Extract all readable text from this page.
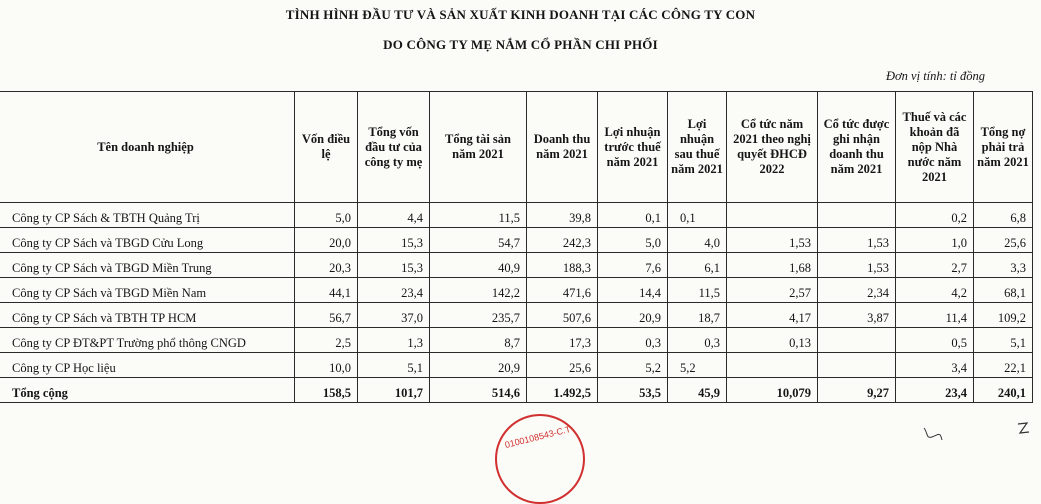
TÌNH HÌNH ĐẦU TƯ VÀ SẢN XUẤT KINH DOANH TẠI CÁC CÔNG TY CON
DO CÔNG TY MẸ NẮM CỔ PHẦN CHI PHỐI
Đơn vị tính: tỉ đồng
Tên doanh nghiệp	Vốn điều lệ	Tổng vốn đầu tư của công ty mẹ	Tổng tài sản năm 2021	Doanh thu năm 2021	Lợi nhuận trước thuế năm 2021	Lợi nhuận sau thuế năm 2021	Cổ tức năm 2021 theo nghị quyết ĐHCĐ 2022	Cổ tức được ghi nhận doanh thu năm 2021	Thuế và các khoản đã nộp Nhà nước năm 2021	Tổng nợ phải trả năm 2021
Công ty CP Sách & TBTH Quảng Trị	5,0	4,4	11,5	39,8	0,1	0,1			0,2	6,8
Công ty CP Sách và TBGD Cửu Long	20,0	15,3	54,7	242,3	5,0	4,0	1,53	1,53	1,0	25,6
Công ty CP Sách và TBGD Miền Trung	20,3	15,3	40,9	188,3	7,6	6,1	1,68	1,53	2,7	3,3
Công ty CP Sách và TBGD Miền Nam	44,1	23,4	142,2	471,6	14,4	11,5	2,57	2,34	4,2	68,1
Công ty CP Sách và TBTH TP HCM	56,7	37,0	235,7	507,6	20,9	18,7	4,17	3,87	11,4	109,2
Công ty CP ĐT&PT Trường phổ thông CNGD	2,5	1,3	8,7	17,3	0,3	0,3	0,13		0,5	5,1
Công ty CP Học liệu	10,0	5,1	20,9	25,6	5,2	5,2			3,4	22,1
Tổng cộng	158,5	101,7	514,6	1.492,5	53,5	45,9	10,079	9,27	23,4	240,1
0100108543-C.T
